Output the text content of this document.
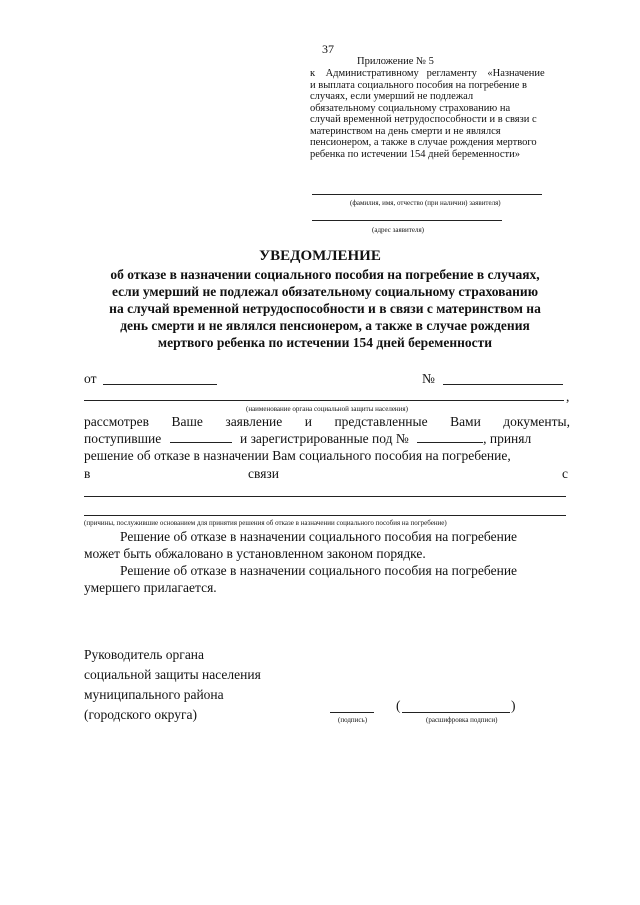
37
Приложение № 5
к    Административному   регламенту    «Назначение
и выплата социального пособия на погребение в
случаях, если умерший не подлежал
обязательному социальному страхованию на
случай временной нетрудоспособности и в связи с
материнством на день смерти и не являлся
пенсионером, а также в случае рождения мертвого
ребенка по истечении 154 дней беременности»
(фамилия, имя, отчество (при наличии) заявителя)
(адрес заявителя)
УВЕДОМЛЕНИЕ
об отказе в назначении социального пособия на погребение в случаях,
если умерший не подлежал обязательному социальному страхованию
на случай временной нетрудоспособности и в связи с материнством на
день смерти и не являлся пенсионером, а также в случае рождения
мертвого ребенка по истечении 154 дней беременности
от	№
,
(наименование органа социальной защиты населения)
рассмотрев Ваше заявление и представленные Вами документы,
поступившие	и зарегистрированные под №	, принял
решение об отказе в назначении Вам социального пособия на погребение,
в	связи	с
(причины, послужившие основанием для принятия решения об отказе в назначении социального пособия на погребение)
Решение об отказе в назначении социального пособия на погребение
может быть обжаловано в установленном законом порядке.
Решение об отказе в назначении социального пособия на погребение
умершего прилагается.
Руководитель органа
социальной защиты населения
муниципального района
(городского округа)	(подпись)
(	)
(расшифровка подписи)
